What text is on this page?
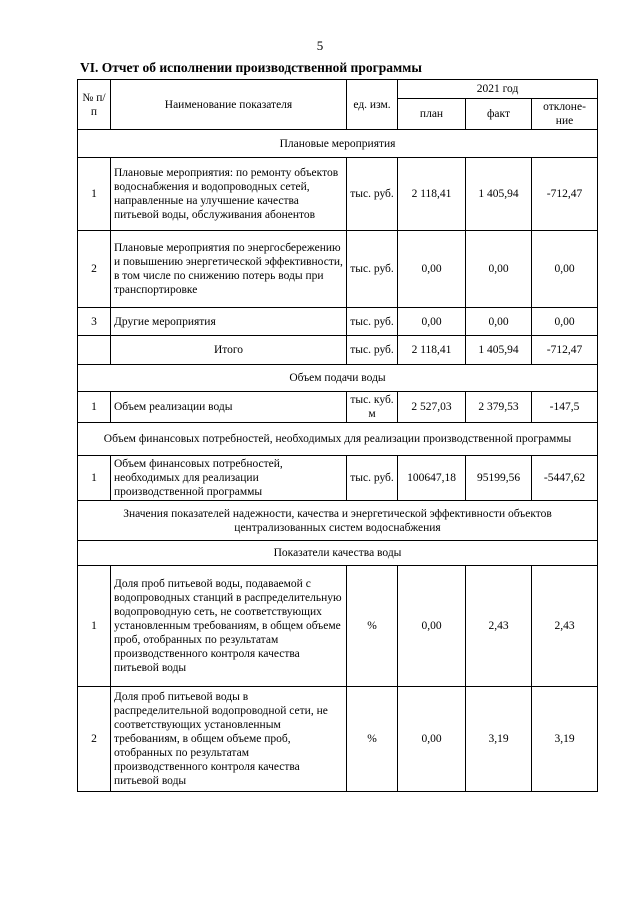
5
VI. Отчет об исполнении производственной программы
№ п/п	Наименование показателя	ед. изм.	2021 год		
			план	факт	отклоне-ние
Плановые мероприятия					
1	Плановые мероприятия: по ремонту объектов водоснабжения и водопроводных сетей, направленные на улучшение качества питьевой воды, обслуживания абонентов	тыс. руб.	2 118,41	1 405,94	-712,47
2	Плановые мероприятия по энергосбережению и повышению энергетической эффективности, в том числе по снижению потерь воды при транспортировке	тыс. руб.	0,00	0,00	0,00
3	Другие мероприятия	тыс. руб.	0,00	0,00	0,00
	Итого	тыс. руб.	2 118,41	1 405,94	-712,47
Объем подачи воды					
1	Объем реализации воды	тыс. куб. м	2 527,03	2 379,53	-147,5
Объем финансовых потребностей, необходимых для реализации производственной программы					
1	Объем финансовых потребностей, необходимых для реализации производственной программы	тыс. руб.	100647,18	95199,56	-5447,62
Значения показателей надежности, качества и энергетической эффективности объектов централизованных систем водоснабжения					
Показатели качества воды					
1	Доля проб питьевой воды, подаваемой с водопроводных станций в распределительную водопроводную сеть, не соответствующих установленным требованиям, в общем объеме проб, отобранных по результатам производственного контроля качества питьевой воды	%	0,00	2,43	2,43
2	Доля проб питьевой воды в распределительной водопроводной сети, не соответствующих установленным требованиям, в общем объеме проб, отобранных по результатам производственного контроля качества питьевой воды	%	0,00	3,19	3,19
